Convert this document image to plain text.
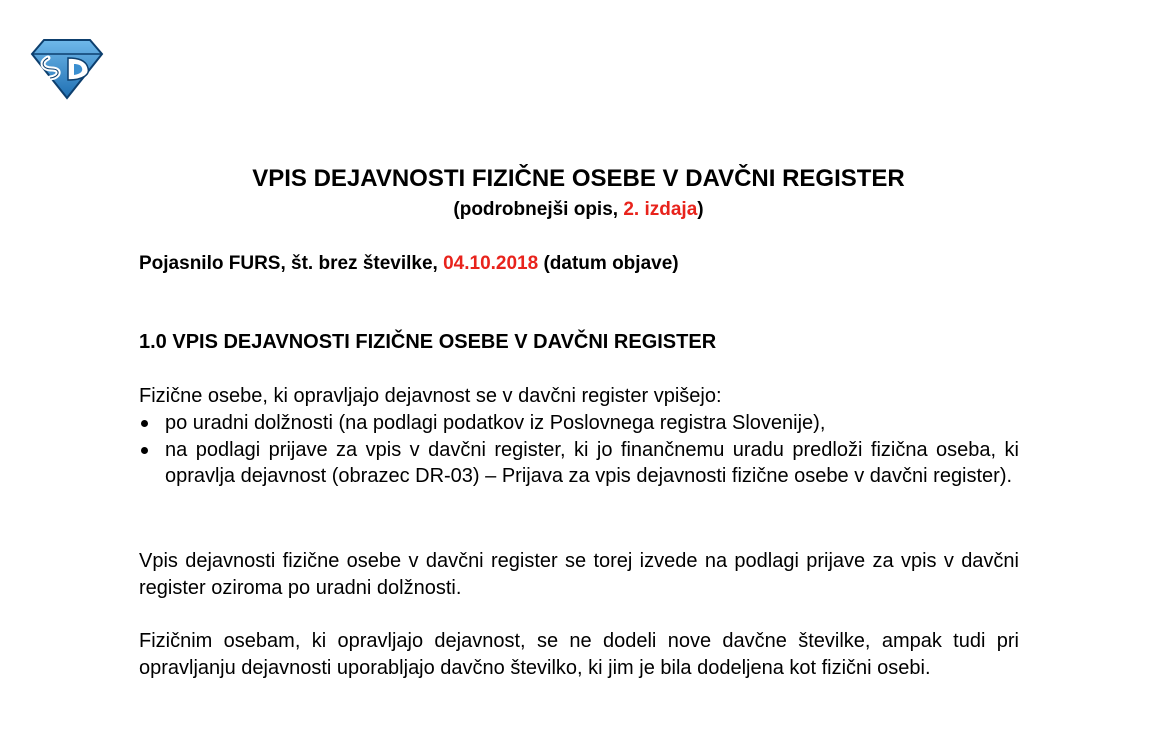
VPIS DEJAVNOSTI FIZIČNE OSEBE V DAVČNI REGISTER
(podrobnejši opis, 2. izdaja)
Pojasnilo FURS, št. brez številke, 04.10.2018 (datum objave)
1.0 VPIS DEJAVNOSTI FIZIČNE OSEBE V DAVČNI REGISTER
Fizične osebe, ki opravljajo dejavnost se v davčni register vpišejo:
po uradni dolžnosti (na podlagi podatkov iz Poslovnega registra Slovenije),
na podlagi prijave za vpis v davčni register, ki jo finančnemu uradu predloži fizična oseba, ki opravlja dejavnost (obrazec DR-03) – Prijava za vpis dejavnosti fizične osebe v davčni register).
Vpis dejavnosti fizične osebe v davčni register se torej izvede na podlagi prijave za vpis v davčni register oziroma po uradni dolžnosti.
Fizičnim osebam, ki opravljajo dejavnost, se ne dodeli nove davčne številke, ampak tudi pri opravljanju dejavnosti uporabljajo davčno številko, ki jim je bila dodeljena kot fizični osebi.
